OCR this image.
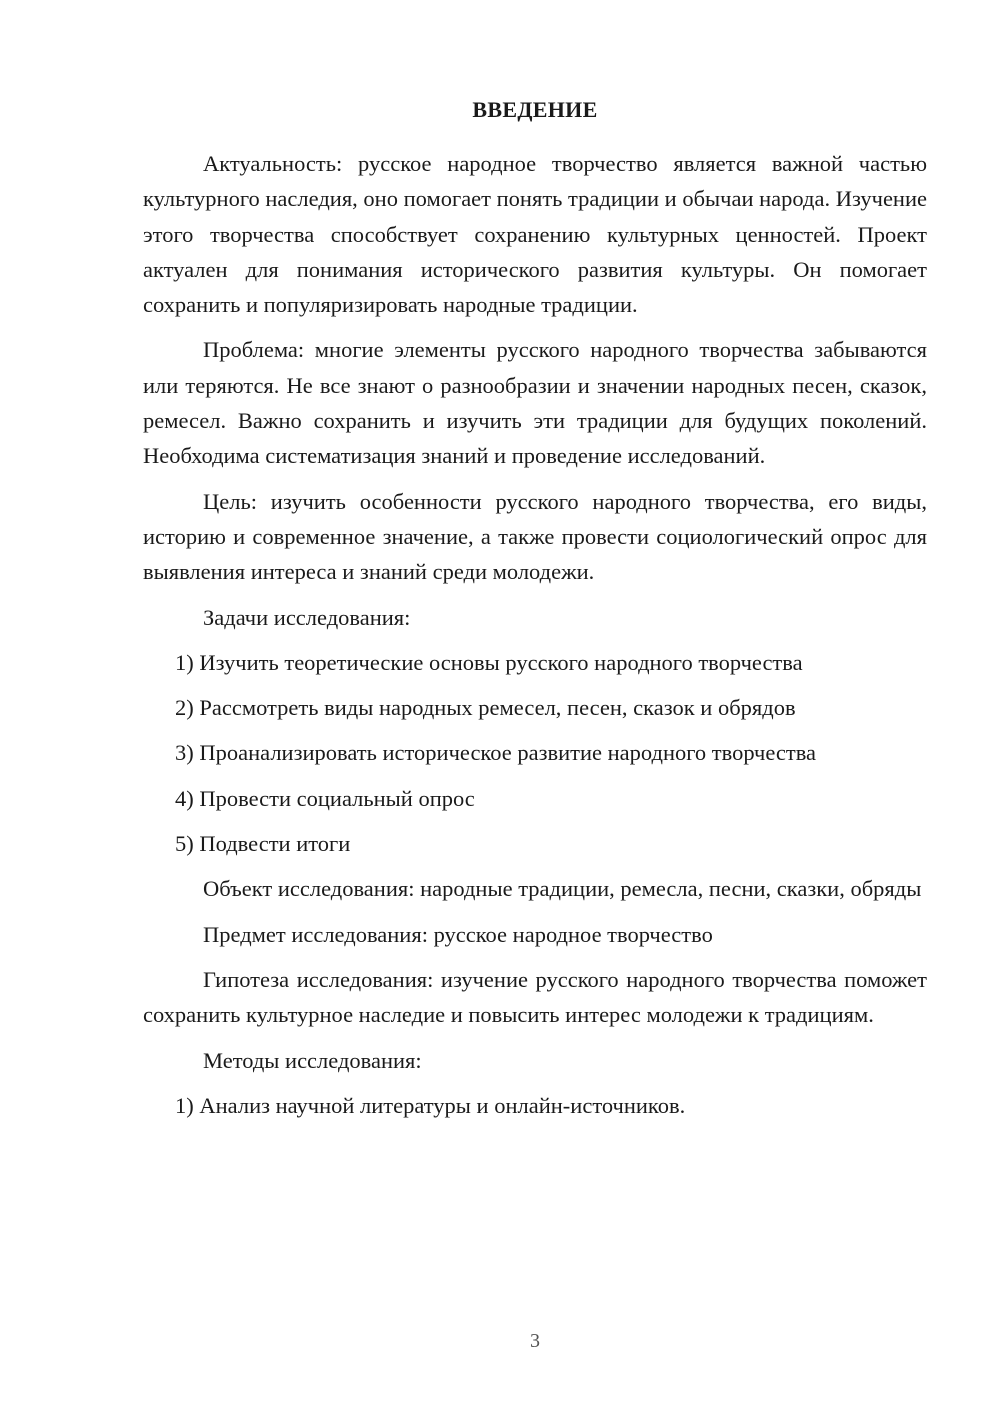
ВВЕДЕНИЕ

Актуальность: русское народное творчество является важной частью культурного наследия, оно помогает понять традиции и обычаи народа. Изучение этого творчества способствует сохранению культурных ценностей. Проект актуален для понимания исторического развития культуры. Он помогает сохранить и популяризировать народные традиции.

Проблема: многие элементы русского народного творчества забываются или теряются. Не все знают о разнообразии и значении народных песен, сказок, ремесел. Важно сохранить и изучить эти традиции для будущих поколений. Необходима систематизация знаний и проведение исследований.

Цель: изучить особенности русского народного творчества, его виды, историю и современное значение, а также провести социологический опрос для выявления интереса и знаний среди молодежи.

Задачи исследования:

1) Изучить теоретические основы русского народного творчества

2) Рассмотреть виды народных ремесел, песен, сказок и обрядов

3) Проанализировать историческое развитие народного творчества

4) Провести социальный опрос

5) Подвести итоги

Объект исследования: народные традиции, ремесла, песни, сказки, обряды

Предмет исследования: русское народное творчество

Гипотеза исследования: изучение русского народного творчества поможет сохранить культурное наследие и повысить интерес молодежи к традициям.

Методы исследования:

1) Анализ научной литературы и онлайн-источников.

3
